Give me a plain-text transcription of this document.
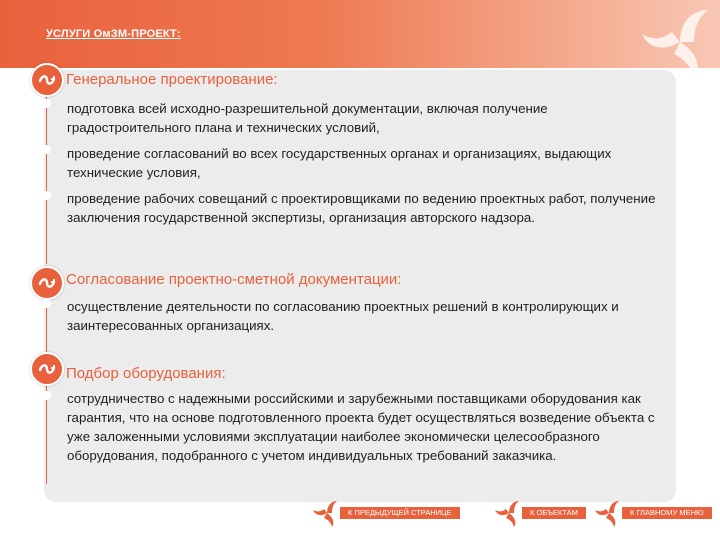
УСЛУГИ ОмЗМ-ПРОЕКТ:
Генеральное проектирование:

подготовка всей исходно-разрешительной документации, включая получение градостроительного плана и технических условий,

проведение согласований во всех государственных органах и организациях, выдающих технические условия,

проведение рабочих совещаний с проектировщиками по ведению проектных работ, получение заключения государственной экспертизы, организация авторского надзора.

Согласование проектно-сметной документации:

осуществление деятельности по согласованию проектных решений в контролирующих и заинтересованных организациях.

Подбор оборудования:

сотрудничество с надежными российскими и зарубежными поставщиками оборудования как гарантия, что на основе подготовленного проекта будет осуществляться возведение объекта с уже заложенными условиями эксплуатации наиболее экономически целесообразного оборудования, подобранного с учетом индивидуальных требований заказчика.

К ПРЕДЫДУЩЕЙ СТРАНИЦЕ	К ОБЪЕКТАМ	К ГЛАВНОМУ МЕНЮ
